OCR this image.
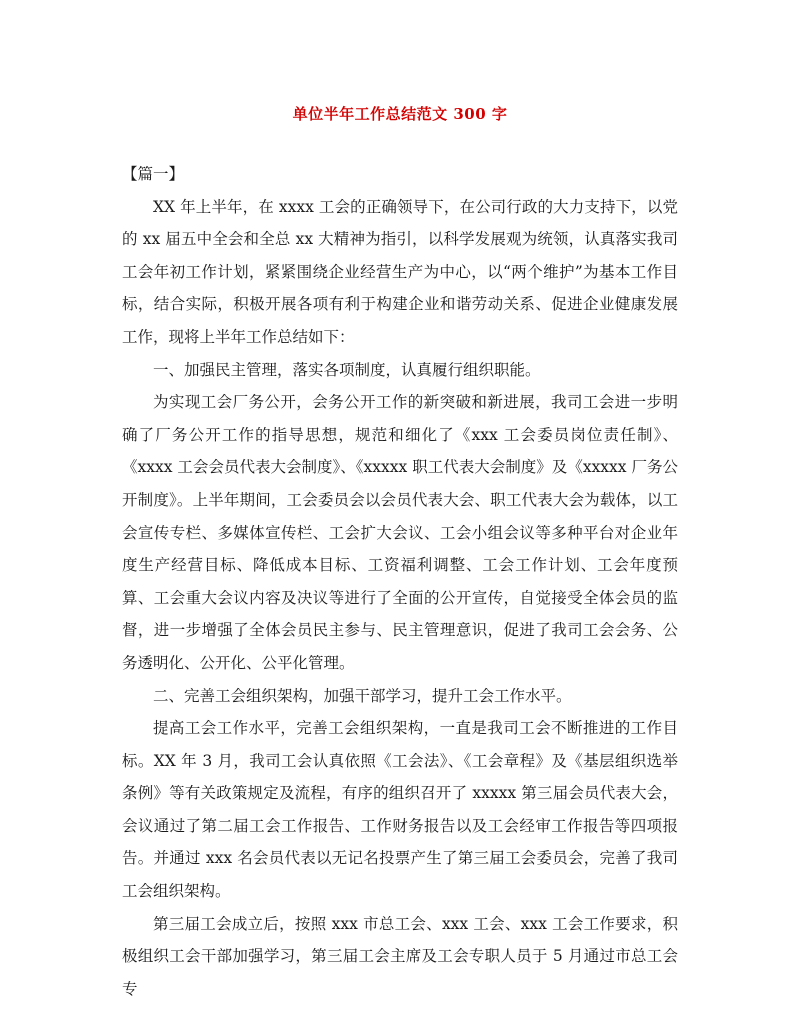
单位半年工作总结范文 300 字

【篇一】

XX 年上半年，在 xxxx 工会的正确领导下，在公司行政的大力支持下，以党的 xx 届五中全会和全总 xx 大精神为指引，以科学发展观为统领，认真落实我司工会年初工作计划，紧紧围绕企业经营生产为中心，以“两个维护”为基本工作目标，结合实际，积极开展各项有利于构建企业和谐劳动关系、促进企业健康发展工作，现将上半年工作总结如下：

一、加强民主管理，落实各项制度，认真履行组织职能。

为实现工会厂务公开，会务公开工作的新突破和新进展，我司工会进一步明确了厂务公开工作的指导思想，规范和细化了《xxx 工会委员岗位责任制》、《xxxx 工会会员代表大会制度》、《xxxxx 职工代表大会制度》及《xxxxx 厂务公开制度》。上半年期间，工会委员会以会员代表大会、职工代表大会为载体，以工会宣传专栏、多媒体宣传栏、工会扩大会议、工会小组会议等多种平台对企业年度生产经营目标、降低成本目标、工资福利调整、工会工作计划、工会年度预算、工会重大会议内容及决议等进行了全面的公开宣传，自觉接受全体会员的监督，进一步增强了全体会员民主参与、民主管理意识，促进了我司工会会务、公务透明化、公开化、公平化管理。

二、完善工会组织架构，加强干部学习，提升工会工作水平。

提高工会工作水平，完善工会组织架构，一直是我司工会不断推进的工作目标。XX 年 3 月，我司工会认真依照《工会法》、《工会章程》及《基层组织选举条例》等有关政策规定及流程，有序的组织召开了 xxxxx 第三届会员代表大会，会议通过了第二届工会工作报告、工作财务报告以及工会经审工作报告等四项报告。并通过 xxx 名会员代表以无记名投票产生了第三届工会委员会，完善了我司工会组织架构。

第三届工会成立后，按照 xxx 市总工会、xxx 工会、xxx 工会工作要求，积极组织工会干部加强学习，第三届工会主席及工会专职人员于 5 月通过市总工会专
